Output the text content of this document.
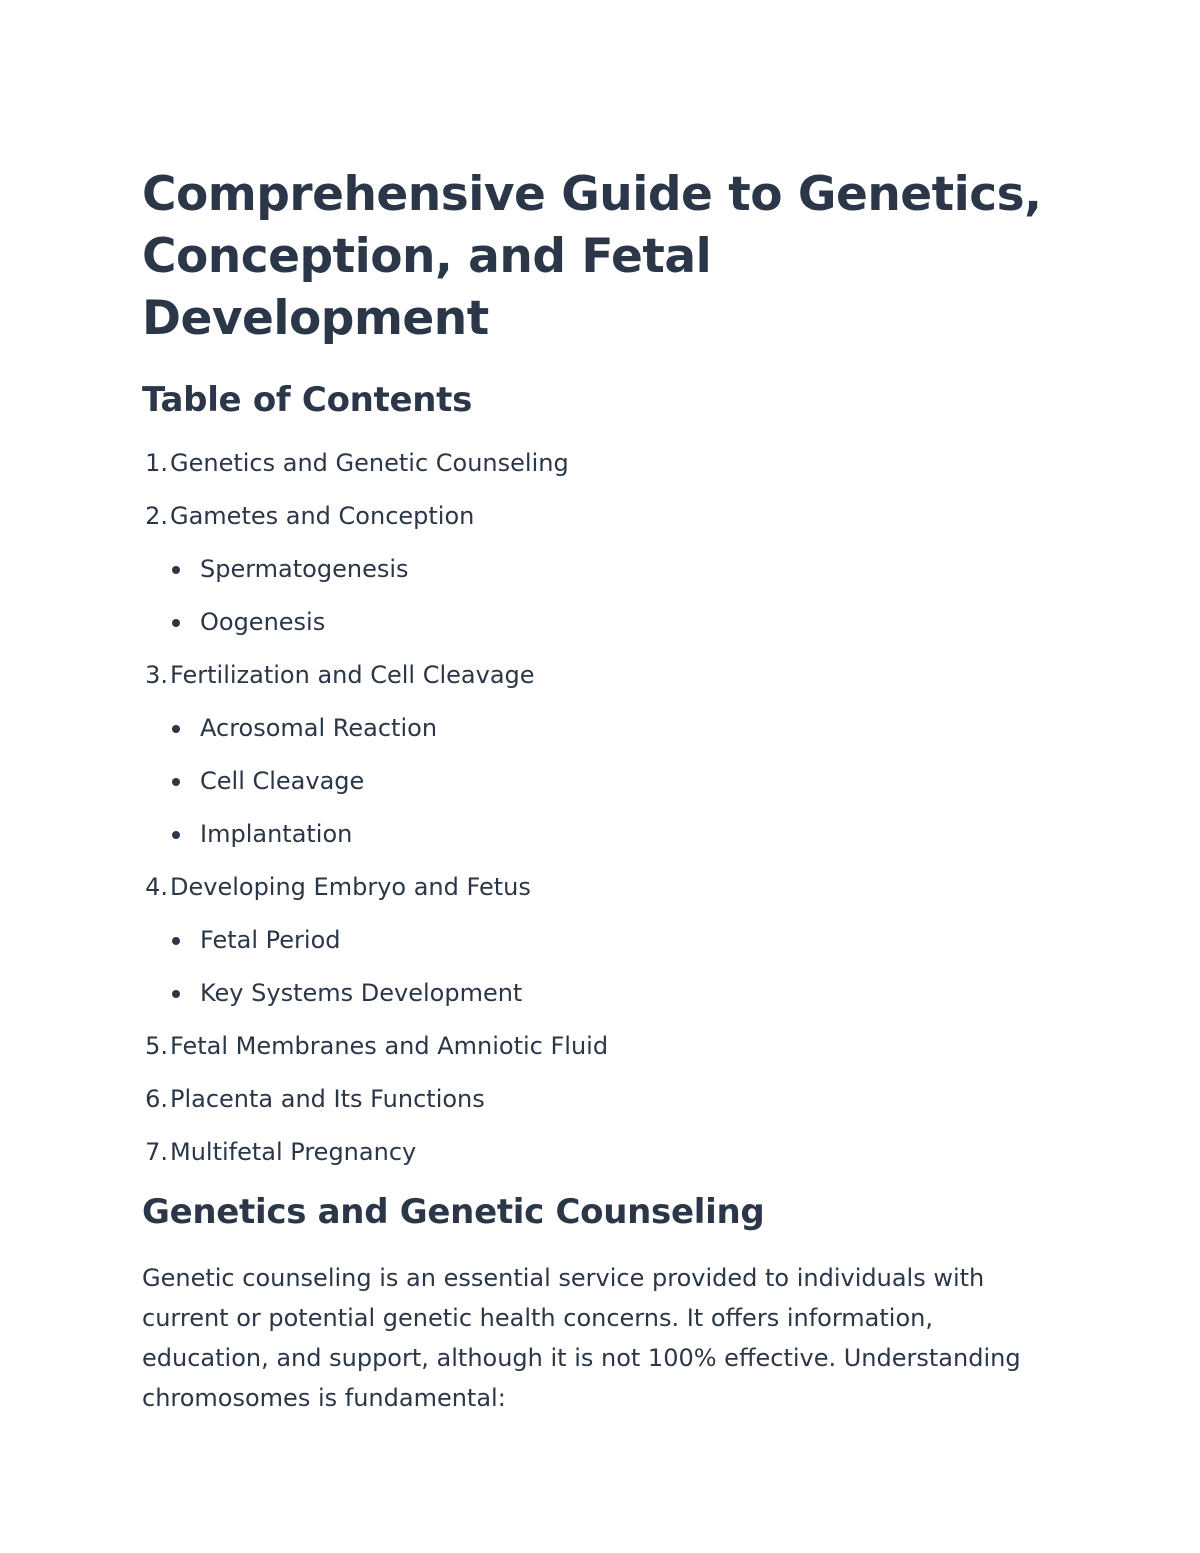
Comprehensive Guide to Genetics, Conception, and Fetal Development
Table of Contents
1. Genetics and Genetic Counseling
2. Gametes and Conception
Spermatogenesis
Oogenesis
3. Fertilization and Cell Cleavage
Acrosomal Reaction
Cell Cleavage
Implantation
4. Developing Embryo and Fetus
Fetal Period
Key Systems Development
5. Fetal Membranes and Amniotic Fluid
6. Placenta and Its Functions
7. Multifetal Pregnancy
Genetics and Genetic Counseling
Genetic counseling is an essential service provided to individuals with
current or potential genetic health concerns. It offers information,
education, and support, although it is not 100% effective. Understanding
chromosomes is fundamental:
